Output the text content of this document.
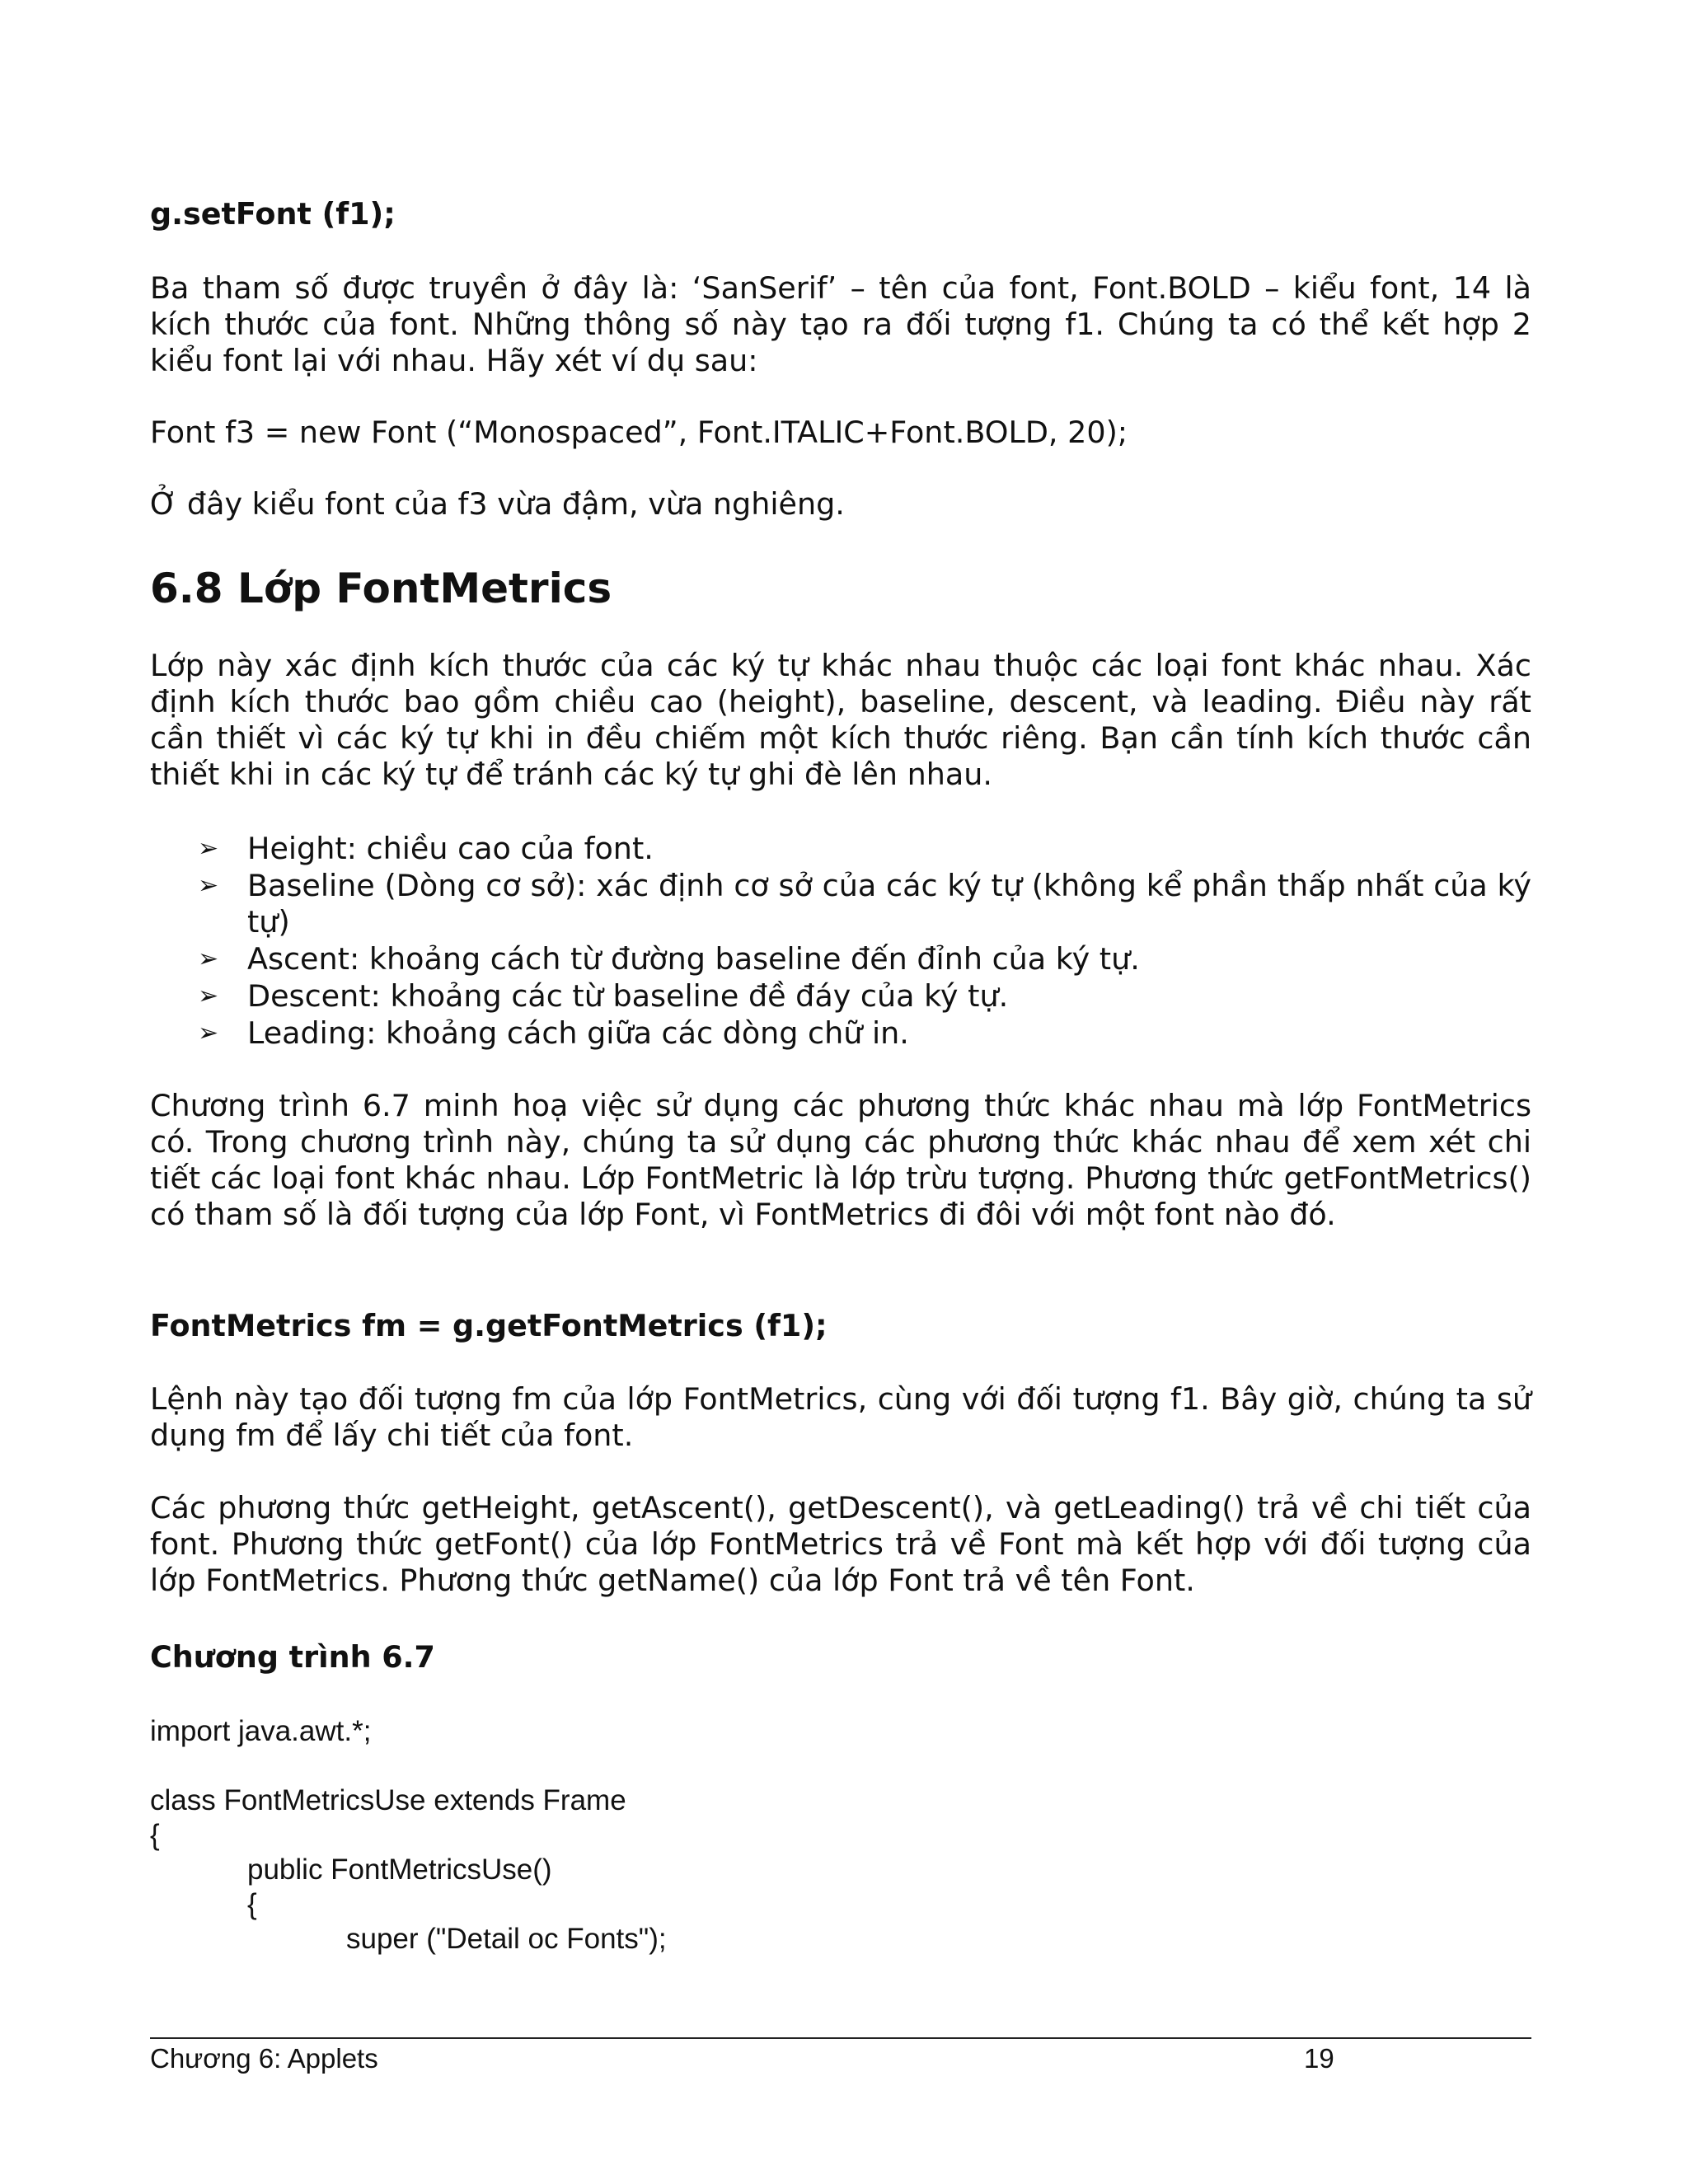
g.setFont (f1);

Ba tham số được truyền ở đây là: ‘SanSerif’ – tên của font, Font.BOLD – kiểu font, 14 là kích thước của font. Những thông số này tạo ra đối tượng f1. Chúng ta có thể kết hợp 2 kiểu font lại với nhau. Hãy xét ví dụ sau:

Font f3 = new Font (“Monospaced”, Font.ITALIC+Font.BOLD, 20);

Ở đây kiểu font của f3 vừa đậm, vừa nghiêng.

6.8 Lớp FontMetrics

Lớp này xác định kích thước của các ký tự khác nhau thuộc các loại font khác nhau. Xác định kích thước bao gồm chiều cao (height), baseline, descent, và leading. Điều này rất cần thiết vì các ký tự khi in đều chiếm một kích thước riêng. Bạn cần tính kích thước cần thiết khi in các ký tự để tránh các ký tự ghi đè lên nhau.

➢ Height: chiều cao của font.
➢ Baseline (Dòng cơ sở): xác định cơ sở của các ký tự (không kể phần thấp nhất của ký tự)
➢ Ascent: khoảng cách từ đường baseline đến đỉnh của ký tự.
➢ Descent: khoảng các từ baseline đề đáy của ký tự.
➢ Leading: khoảng cách giữa các dòng chữ in.

Chương trình 6.7 minh hoạ việc sử dụng các phương thức khác nhau mà lớp FontMetrics có. Trong chương trình này, chúng ta sử dụng các phương thức khác nhau để xem xét chi tiết các loại font khác nhau. Lớp FontMetric là lớp trừu tượng. Phương thức getFontMetrics() có tham số là đối tượng của lớp Font, vì FontMetrics đi đôi với một font nào đó.

FontMetrics fm = g.getFontMetrics (f1);

Lệnh này tạo đối tượng fm của lớp FontMetrics, cùng với đối tượng f1. Bây giờ, chúng ta sử dụng fm để lấy chi tiết của font.

Các phương thức getHeight, getAscent(), getDescent(), và getLeading() trả về chi tiết của font. Phương thức getFont() của lớp FontMetrics trả về Font mà kết hợp với đối tượng của lớp FontMetrics. Phương thức getName() của lớp Font trả về tên Font.

Chương trình 6.7

import java.awt.*;

class FontMetricsUse extends Frame

{

public FontMetricsUse()

{

super ("Detail oc Fonts");

Chương 6: Applets	19
